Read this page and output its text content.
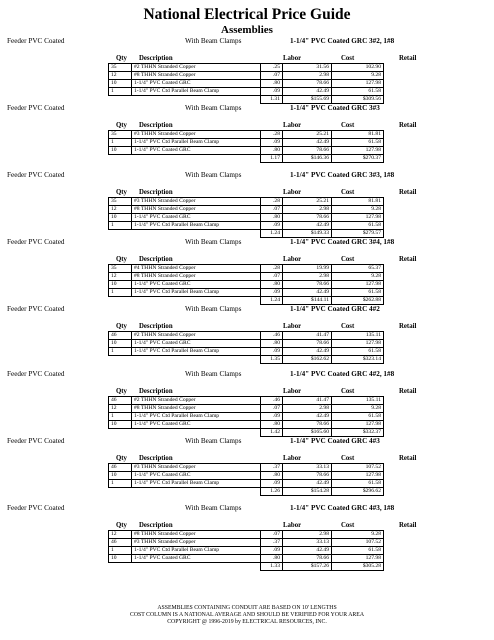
National Electrical Price Guide
Assemblies
Feeder PVC Coated	With Beam Clamps	1-1/4" PVC Coated GRC 3#2, 1#8
Qty Description	Labor	Cost	Retail
35	#2 THHN Stranded Copper	.25	31.56	102.90
12	#8 THHN Stranded Copper	.07	2.98	9.28
10	1-1/4" PVC Coated GRC	.80	78.66	127.98
1	1-1/4" PVC Ctd Parallel Beam Clamp	.09	42.49	61.58
		1.31	$155.69	$309.56
Feeder PVC Coated	With Beam Clamps	1-1/4" PVC Coated GRC 3#3
Qty Description	Labor	Cost	Retail
35	#3 THHN Stranded Copper	.28	25.21	81.81
1	1-1/4" PVC Ctd Parallel Beam Clamp	.09	42.49	61.58
10	1-1/4" PVC Coated GRC	.80	78.66	127.98
		1.17	$146.36	$270.37
Feeder PVC Coated	With Beam Clamps	1-1/4" PVC Coated GRC 3#3, 1#8
Qty Description	Labor	Cost	Retail
35	#3 THHN Stranded Copper	.28	25.21	81.81
12	#8 THHN Stranded Copper	.07	2.98	9.28
10	1-1/4" PVC Coated GRC	.80	78.66	127.98
1	1-1/4" PVC Ctd Parallel Beam Clamp	.09	42.49	61.58
		1.24	$149.33	$279.57
Feeder PVC Coated	With Beam Clamps	1-1/4" PVC Coated GRC 3#4, 1#8
Qty Description	Labor	Cost	Retail
35	#4 THHN Stranded Copper	.28	19.99	65.37
12	#8 THHN Stranded Copper	.07	2.98	9.28
10	1-1/4" PVC Coated GRC	.80	78.66	127.98
1	1-1/4" PVC Ctd Parallel Beam Clamp	.09	42.49	61.58
		1.24	$144.11	$262.88
Feeder PVC Coated	With Beam Clamps	1-1/4" PVC Coated GRC 4#2
Qty Description	Labor	Cost	Retail
46	#2 THHN Stranded Copper	.46	41.47	135.11
10	1-1/4" PVC Coated GRC	.80	78.66	127.98
1	1-1/4" PVC Ctd Parallel Beam Clamp	.09	42.49	61.58
		1.35	$162.62	$323.14
Feeder PVC Coated	With Beam Clamps	1-1/4" PVC Coated GRC 4#2, 1#8
Qty Description	Labor	Cost	Retail
46	#2 THHN Stranded Copper	.46	41.47	135.11
12	#8 THHN Stranded Copper	.07	2.98	9.28
1	1-1/4" PVC Ctd Parallel Beam Clamp	.09	42.49	61.58
10	1-1/4" PVC Coated GRC	.80	78.66	127.98
		1.42	$165.60	$332.37
Feeder PVC Coated	With Beam Clamps	1-1/4" PVC Coated GRC 4#3
Qty Description	Labor	Cost	Retail
46	#3 THHN Stranded Copper	.37	33.13	107.52
10	1-1/4" PVC Coated GRC	.80	78.66	127.98
1	1-1/4" PVC Ctd Parallel Beam Clamp	.09	42.49	61.58
		1.26	$154.28	$296.62
Feeder PVC Coated	With Beam Clamps	1-1/4" PVC Coated GRC 4#3, 1#8
Qty Description	Labor	Cost	Retail
12	#8 THHN Stranded Copper	.07	2.98	9.28
46	#3 THHN Stranded Copper	.37	33.13	107.52
1	1-1/4" PVC Ctd Parallel Beam Clamp	.09	42.49	61.58
10	1-1/4" PVC Coated GRC	.80	78.66	127.98
		1.33	$157.26	$305.28
ASSEMBLIES CONTAINING CONDUIT ARE BASED ON 10' LENGTHS
COST COLUMN IS A NATIONAL AVERAGE AND SHOULD BE VERIFIED FOR YOUR AREA
COPYRIGHT @ 1996-2019 by ELECTRICAL RESOURCES, INC.
